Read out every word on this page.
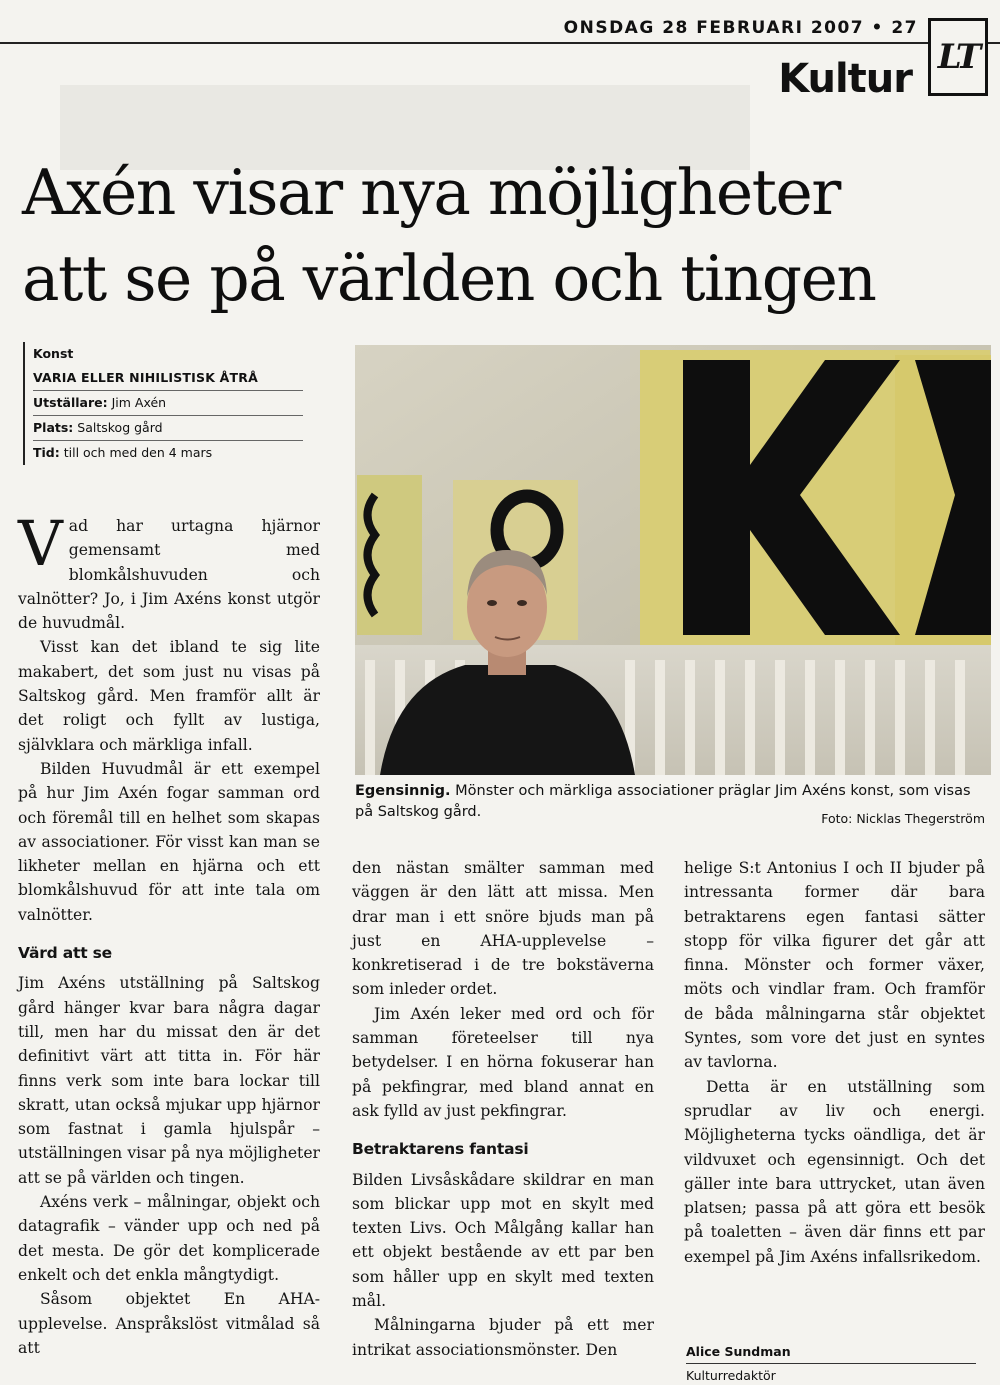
ONSDAG 28 FEBRUARI 2007 • 27
Kultur LT
Axén visar nya möjligheter
att se på världen och tingen
Konst
VARIA ELLER NIHILISTISK ÅTRÅ
Utställare: Jim Axén
Plats: Saltskog gård
Tid: till och med den 4 mars
Egensinnig. Mönster och märkliga associationer präglar Jim Axéns konst, som visas på Saltskog gård.	Foto: Nicklas Thegerström

Vad har urtagna hjärnor gemensamt med blomkålshuvuden och valnötter? Jo, i Jim Axéns konst utgör de huvudmål.

Visst kan det ibland te sig lite makabert, det som just nu visas på Saltskog gård. Men framför allt är det roligt och fyllt av lustiga, självklara och märkliga infall.

Bilden Huvudmål är ett exempel på hur Jim Axén fogar samman ord och föremål till en helhet som skapas av associationer. För visst kan man se likheter mellan en hjärna och ett blomkålshuvud för att inte tala om valnötter.

Värd att se

Jim Axéns utställning på Saltskog gård hänger kvar bara några dagar till, men har du missat den är det definitivt värt att titta in. För här finns verk som inte bara lockar till skratt, utan också mjukar upp hjärnor som fastnat i gamla hjulspår – utställningen visar på nya möjligheter att se på världen och tingen.

Axéns verk – målningar, objekt och datagrafik – vänder upp och ned på det mesta. De gör det komplicerade enkelt och det enkla mångtydigt.

Såsom objektet En AHA-upplevelse. Anspråkslöst vitmålad så att

den nästan smälter samman med väggen är den lätt att missa. Men drar man i ett snöre bjuds man på just en AHA-upplevelse – konkretiserad i de tre bokstäverna som inleder ordet.

Jim Axén leker med ord och för samman företeelser till nya betydelser. I en hörna fokuserar han på pekfingrar, med bland annat en ask fylld av just pekfingrar.

Betraktarens fantasi

Bilden Livsåskådare skildrar en man som blickar upp mot en skylt med texten Livs. Och Målgång kallar han ett objekt bestående av ett par ben som håller upp en skylt med texten mål.

Målningarna bjuder på ett mer intrikat associationsmönster. Den

helige S:t Antonius I och II bjuder på intressanta former där bara betraktarens egen fantasi sätter stopp för vilka figurer det går att finna. Mönster och former växer, möts och vindlar fram. Och framför de båda målningarna står objektet Syntes, som vore det just en syntes av tavlorna.

Detta är en utställning som sprudlar av liv och energi. Möjligheterna tycks oändliga, det är vildvuxet och egensinnigt. Och det gäller inte bara uttrycket, utan även platsen; passa på att göra ett besök på toaletten – även där finns ett par exempel på Jim Axéns infallsrikedom.

Alice Sundman
Kulturredaktör
